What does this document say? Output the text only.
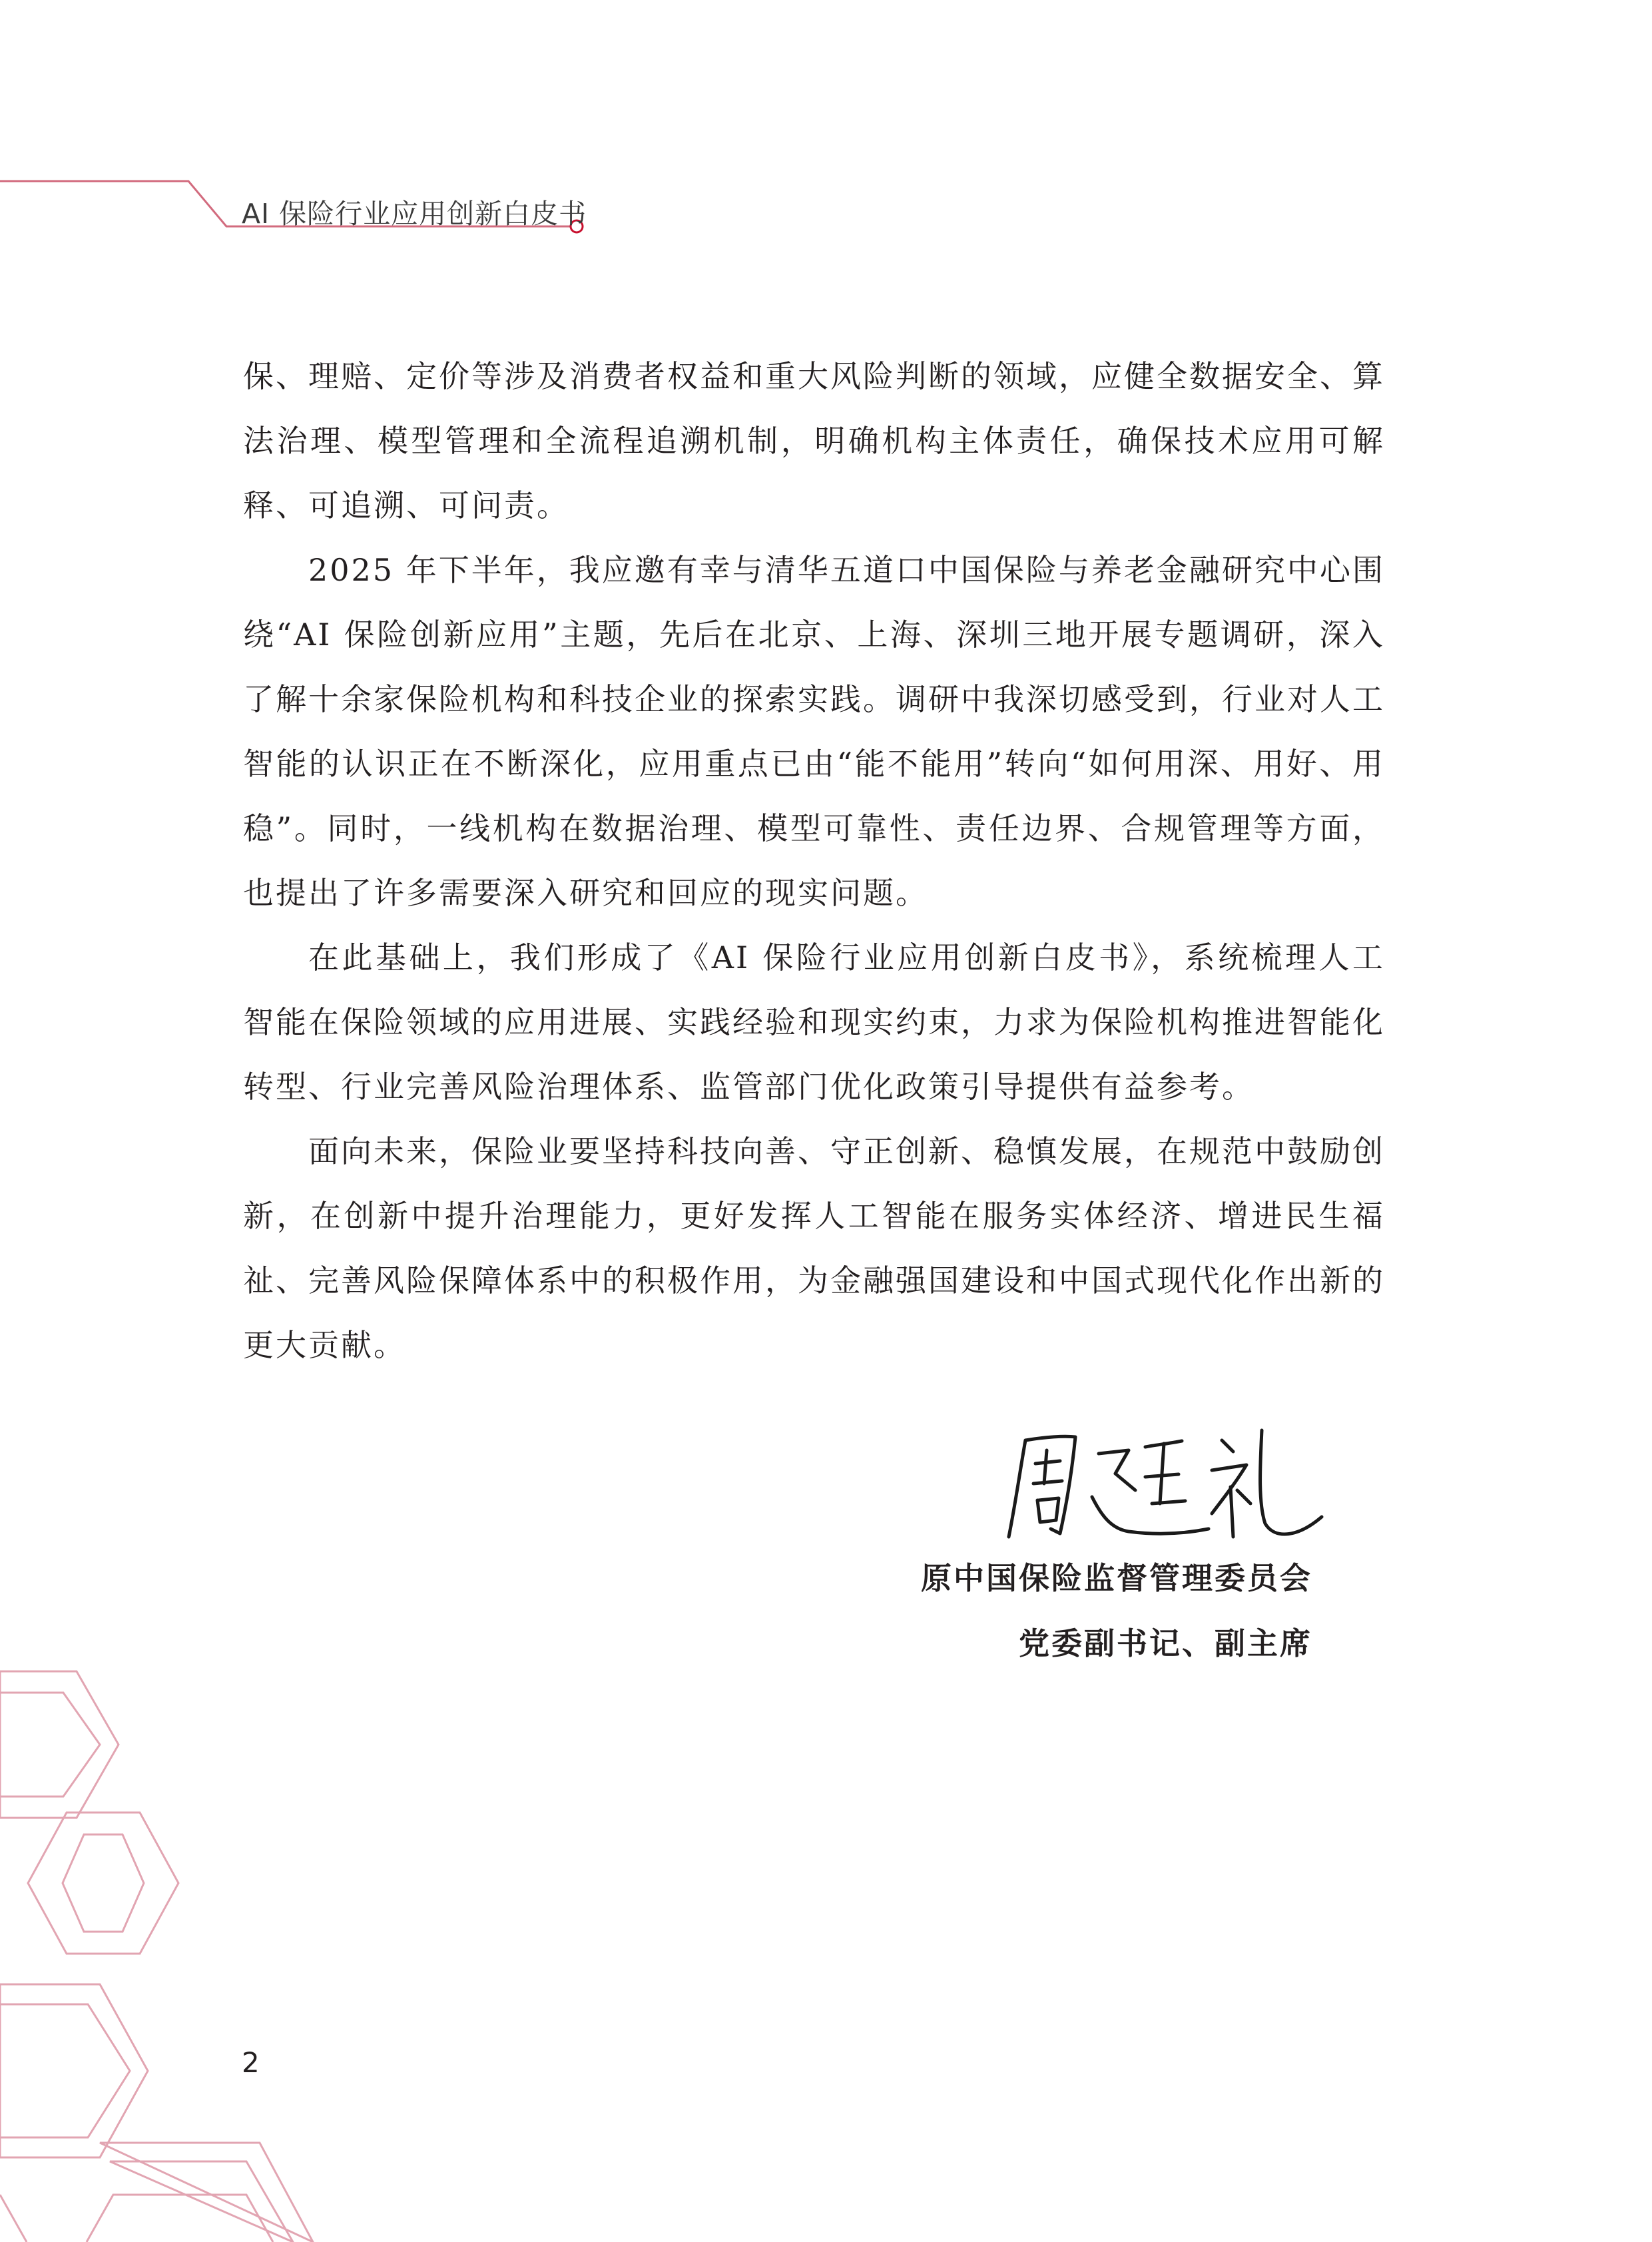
AI 保险行业应用创新白皮书

保、理赔、定价等涉及消费者权益和重大风险判断的领域，应健全数据安全、算法治理、模型管理和全流程追溯机制，明确机构主体责任，确保技术应用可解释、可追溯、可问责。

2025 年下半年，我应邀有幸与清华五道口中国保险与养老金融研究中心围绕“AI 保险创新应用”主题，先后在北京、上海、深圳三地开展专题调研，深入了解十余家保险机构和科技企业的探索实践。调研中我深切感受到，行业对人工智能的认识正在不断深化，应用重点已由“能不能用”转向“如何用深、用好、用稳”。同时，一线机构在数据治理、模型可靠性、责任边界、合规管理等方面，也提出了许多需要深入研究和回应的现实问题。

在此基础上，我们形成了《AI 保险行业应用创新白皮书》，系统梳理人工智能在保险领域的应用进展、实践经验和现实约束，力求为保险机构推进智能化转型、行业完善风险治理体系、监管部门优化政策引导提供有益参考。

面向未来，保险业要坚持科技向善、守正创新、稳慎发展，在规范中鼓励创新，在创新中提升治理能力，更好发挥人工智能在服务实体经济、增进民生福祉、完善风险保障体系中的积极作用，为金融强国建设和中国式现代化作出新的更大贡献。

原中国保险监督管理委员会
党委副书记、副主席
2
